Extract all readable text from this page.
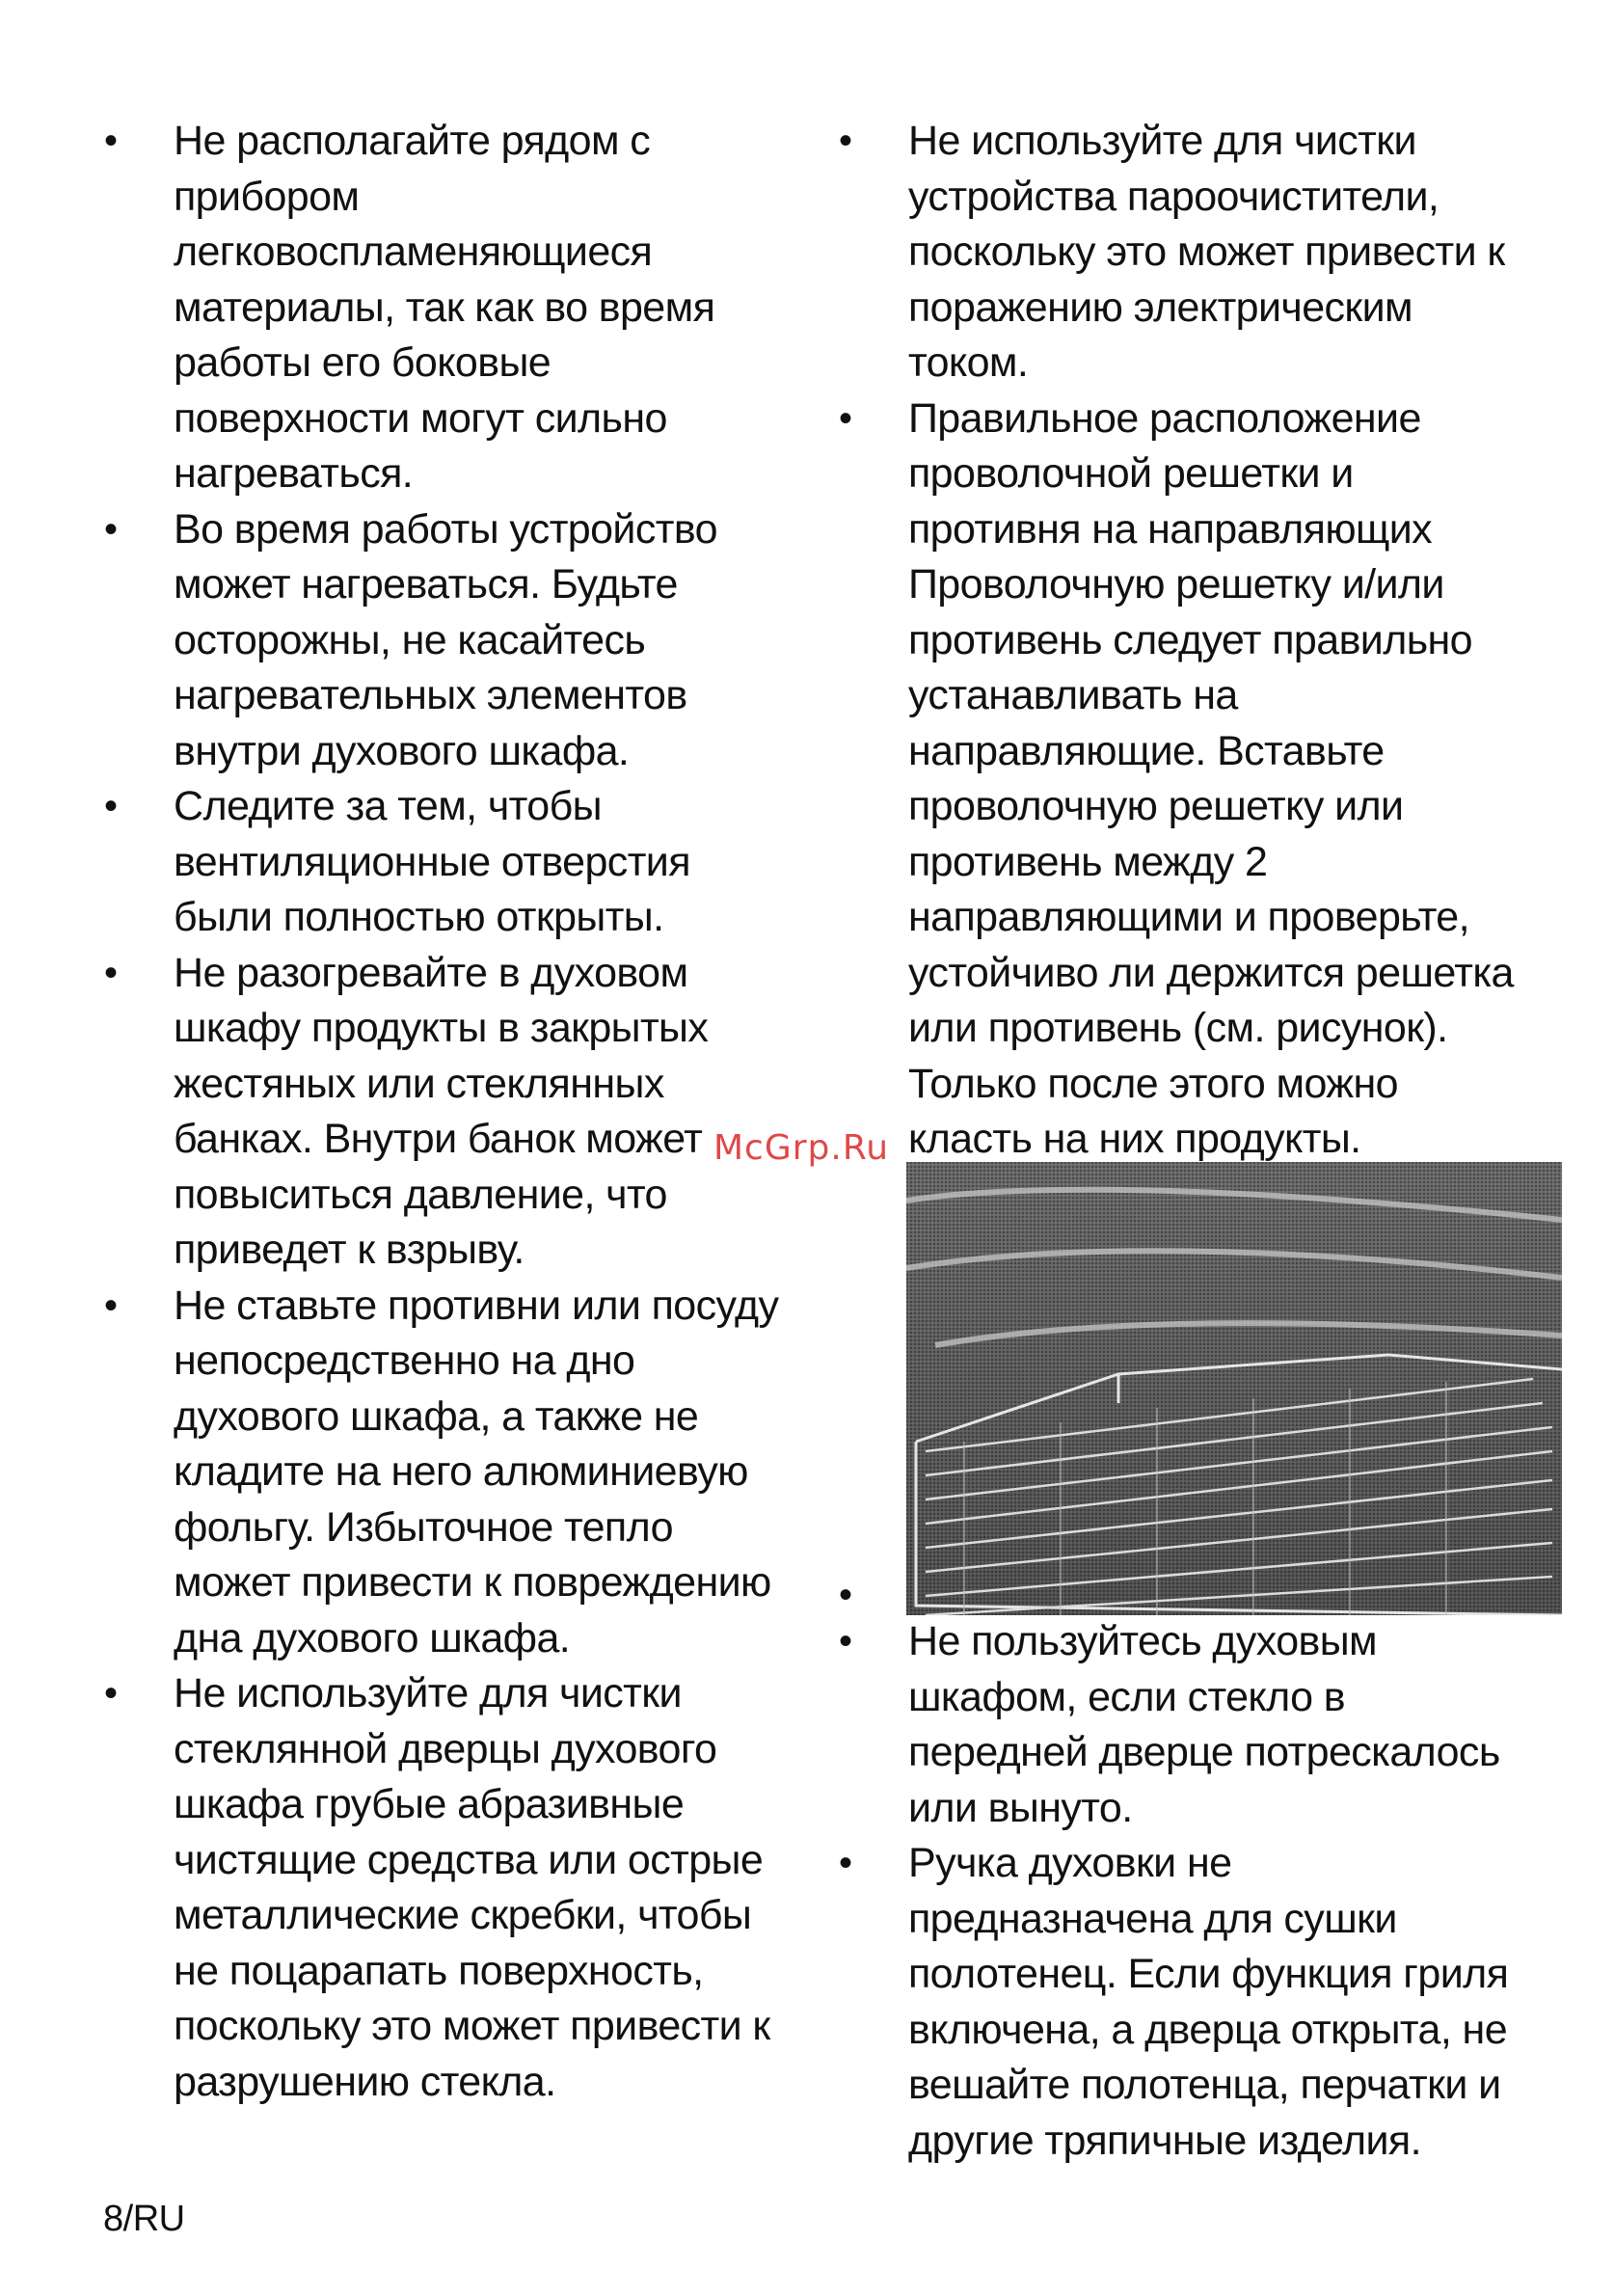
• Не располагайте рядом с прибором легковоспламеняющиеся материалы, так как во время работы его боковые поверхности могут сильно нагреваться.
• Во время работы устройство может нагреваться. Будьте осторожны, не касайтесь нагревательных элементов внутри духового шкафа.
• Следите за тем, чтобы вентиляционные отверстия были полностью открыты.
• Не разогревайте в духовом шкафу продукты в закрытых жестяных или стеклянных банках. Внутри банок может повыситься давление, что приведет к взрыву.
• Не ставьте противни или посуду непосредственно на дно духового шкафа, а также не кладите на него алюминиевую фольгу. Избыточное тепло может привести к повреждению дна духового шкафа.
• Не используйте для чистки стеклянной дверцы духового шкафа грубые абразивные чистящие средства или острые металлические скребки, чтобы не поцарапать поверхность, поскольку это может привести к разрушению стекла.
• Не используйте для чистки устройства пароочистители, поскольку это может привести к поражению электрическим током.
• Правильное расположение проволочной решетки и противня на направляющих Проволочную решетку и/или противень следует правильно устанавливать на направляющие. Вставьте проволочную решетку или противень между 2 направляющими и проверьте, устойчиво ли держится решетка или противень (см. рисунок). Только после этого можно класть на них продукты.
•
• Не пользуйтесь духовым шкафом, если стекло в передней дверце потрескалось или вынуто.
• Ручка духовки не предназначена для сушки полотенец. Если функция гриля включена, а дверца открыта, не вешайте полотенца, перчатки и другие тряпичные изделия.
McGrp.Ru
8/RU
